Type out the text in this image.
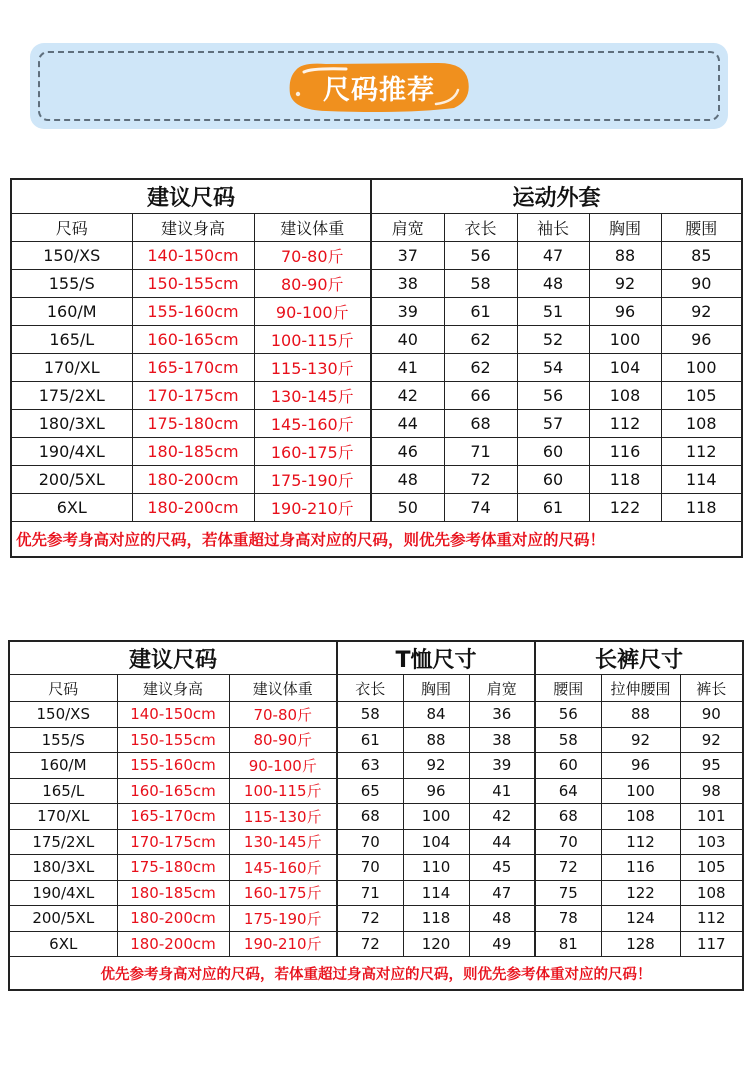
尺码推荐
建议尺码			运动外套				
尺码	建议身高	建议体重	肩宽	衣长	袖长	胸围	腰围
150/XS	140-150cm	70-80斤	37	56	47	88	85
155/S	150-155cm	80-90斤	38	58	48	92	90
160/M	155-160cm	90-100斤	39	61	51	96	92
165/L	160-165cm	100-115斤	40	62	52	100	96
170/XL	165-170cm	115-130斤	41	62	54	104	100
175/2XL	170-175cm	130-145斤	42	66	56	108	105
180/3XL	175-180cm	145-160斤	44	68	57	112	108
190/4XL	180-185cm	160-175斤	46	71	60	116	112
200/5XL	180-200cm	175-190斤	48	72	60	118	114
6XL	180-200cm	190-210斤	50	74	61	122	118
优先参考身高对应的尺码，若体重超过身高对应的尺码，则优先参考体重对应的尺码！							
建议尺码			T恤尺寸			长裤尺寸		
尺码	建议身高	建议体重	衣长	胸围	肩宽	腰围	拉伸腰围	裤长
150/XS	140-150cm	70-80斤	58	84	36	56	88	90
155/S	150-155cm	80-90斤	61	88	38	58	92	92
160/M	155-160cm	90-100斤	63	92	39	60	96	95
165/L	160-165cm	100-115斤	65	96	41	64	100	98
170/XL	165-170cm	115-130斤	68	100	42	68	108	101
175/2XL	170-175cm	130-145斤	70	104	44	70	112	103
180/3XL	175-180cm	145-160斤	70	110	45	72	116	105
190/4XL	180-185cm	160-175斤	71	114	47	75	122	108
200/5XL	180-200cm	175-190斤	72	118	48	78	124	112
6XL	180-200cm	190-210斤	72	120	49	81	128	117
优先参考身高对应的尺码，若体重超过身高对应的尺码，则优先参考体重对应的尺码！								
